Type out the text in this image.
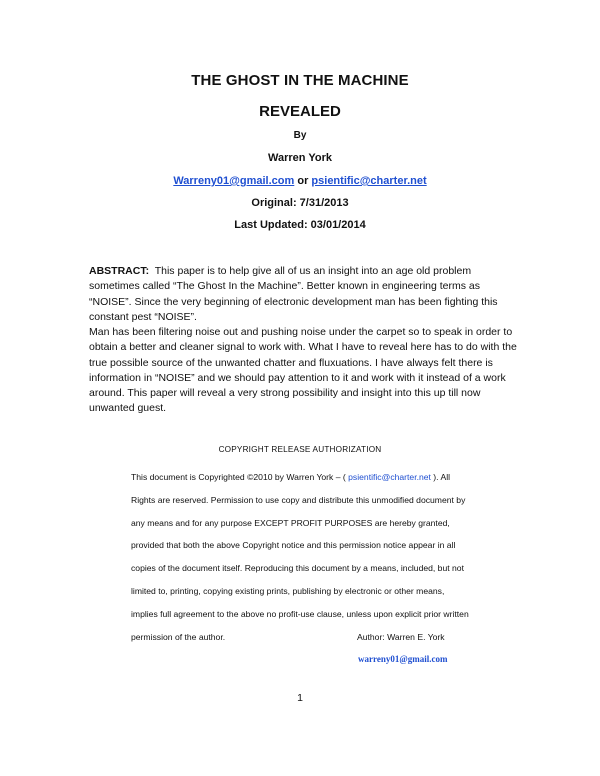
THE GHOST IN THE MACHINE
REVEALED
By
Warren York
Warreny01@gmail.com or psientific@charter.net
Original: 7/31/2013
Last Updated: 03/01/2014
ABSTRACT:  This paper is to help give all of us an insight into an age old problem sometimes called “The Ghost In the Machine”. Better known in engineering terms as “NOISE”. Since the very beginning of electronic development man has been fighting this constant pest “NOISE”.
Man has been filtering noise out and pushing noise under the carpet so to speak in order to obtain a better and cleaner signal to work with. What I have to reveal here has to do with the true possible source of the unwanted chatter and fluxuations. I have always felt there is information in “NOISE” and we should pay attention to it and work with it instead of a work around. This paper will reveal a very strong possibility and insight into this up till now unwanted guest.
COPYRIGHT RELEASE AUTHORIZATION
This document is Copyrighted ©2010 by Warren York – ( psientific@charter.net ). All
Rights are reserved. Permission to use copy and distribute this unmodified document by
any means and for any purpose EXCEPT PROFIT PURPOSES are hereby granted,
provided that both the above Copyright notice and this permission notice appear in all
copies of the document itself. Reproducing this document by a means, included, but not
limited to, printing, copying existing prints, publishing by electronic or other means,
implies full agreement to the above no profit-use clause, unless upon explicit prior written
permission of the author.	Author: Warren E. York
warreny01@gmail.com
1
